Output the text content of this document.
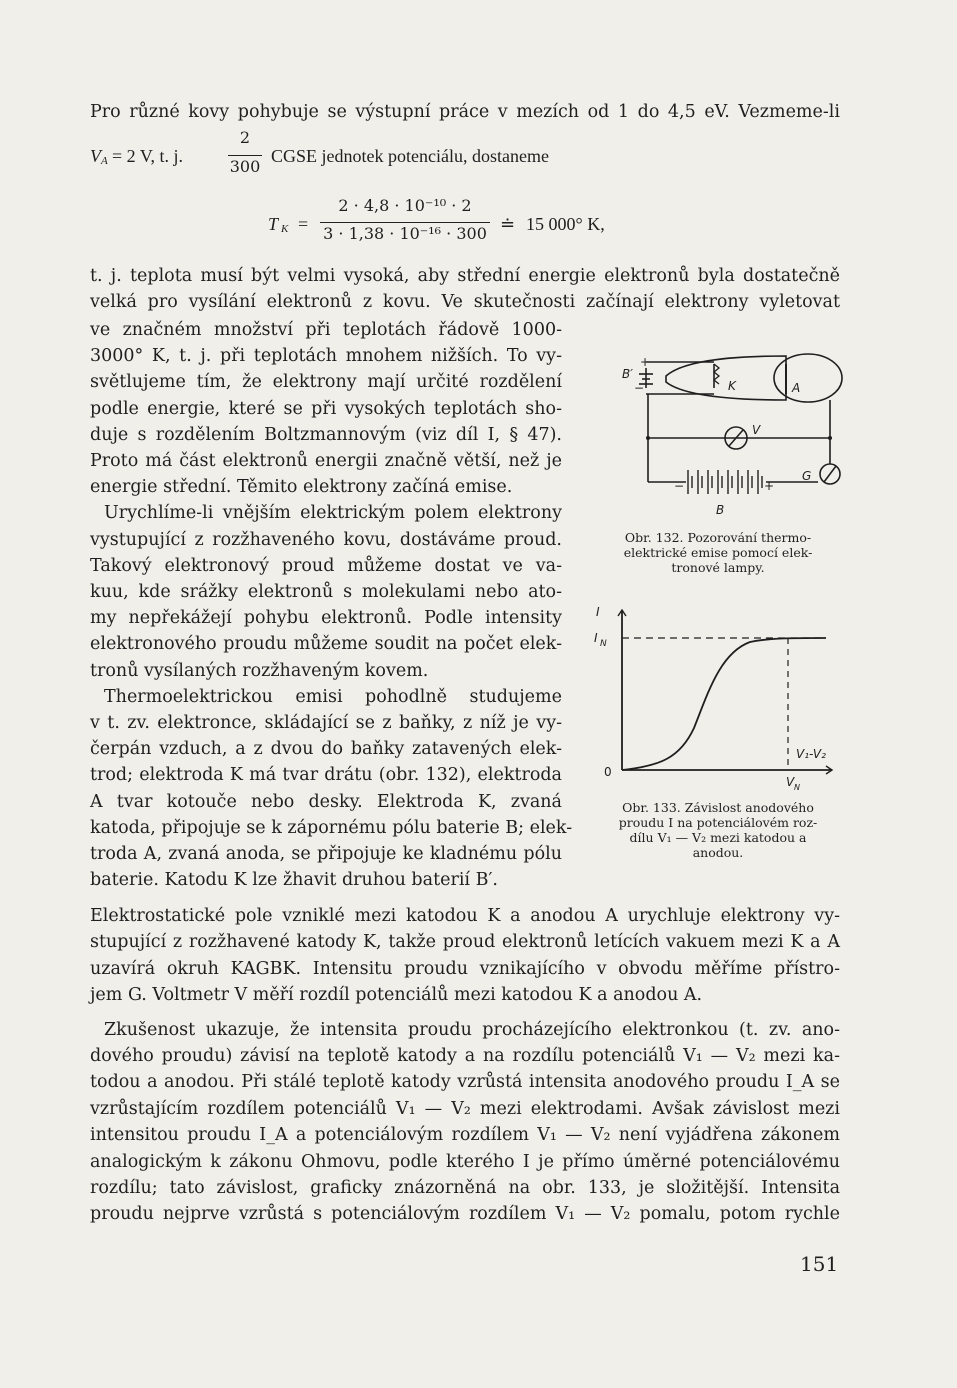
Pro různé kovy pohybuje se výstupní práce v mezích od 1 do 4,5 eV. Vezmeme-li
V A = 2 V, t. j.
2
300
CGSE jednotek potenciálu, dostaneme
T K =
2 · 4,8 · 10⁻¹⁰ · 2
3 · 1,38 · 10⁻¹⁶ · 300 ≐ 15 000° K,
t. j. teplota musí být velmi vysoká, aby střední energie elektronů byla dostatečně
velká pro vysílání elektronů z kovu. Ve skutečnosti začínají elektrony vyletovat
ve značném množství při teplotách řádově 1000-
3000° K, t. j. při teplotách mnohem nižších. To vy-
světlujeme tím, že elektrony mají určité rozdělení
podle energie, které se při vysokých teplotách sho-
duje s rozdělením Boltzmannovým (viz díl I, § 47).
Proto má část elektronů energii značně větší, než je
energie střední. Těmito elektrony začíná emise.
Urychlíme-li vnějším elektrickým polem elektrony
vystupující z rozžhaveného kovu, dostáváme proud.
Takový elektronový proud můžeme dostat ve va-
kuu, kde srážky elektronů s molekulami nebo ato-
my nepřekážejí pohybu elektronů. Podle intensity
elektronového proudu můžeme soudit na počet elek-
tronů vysílaných rozžhaveným kovem.
Thermoelektrickou emisi pohodlně studujeme
v t. zv. elektronce, skládající se z baňky, z níž je vy-
čerpán vzduch, a z dvou do baňky zatavených elek-
trod; elektroda K má tvar drátu (obr. 132), elektroda
A tvar kotouče nebo desky. Elektroda K, zvaná
katoda, připojuje se k zápornému pólu baterie B; elek-
troda A, zvaná anoda, se připojuje ke kladnému pólu
baterie. Katodu K lze žhavit druhou baterií B′.
Elektrostatické pole vzniklé mezi katodou K a anodou A urychluje elektrony vy-
stupující z rozžhavené katody K, takže proud elektronů letících vakuem mezi K a A
uzavírá okruh KAGBK. Intensitu proudu vznikajícího v obvodu měříme přístro-
jem G. Voltmetr V měří rozdíl potenciálů mezi katodou K a anodou A.
Zkušenost ukazuje, že intensita proudu procházejícího elektronkou (t. zv. ano-
dového proudu) závisí na teplotě katody a na rozdílu potenciálů V₁ — V₂ mezi ka-
todou a anodou. Při stálé teplotě katody vzrůstá intensita anodového proudu I_A se
vzrůstajícím rozdílem potenciálů V₁ — V₂ mezi elektrodami. Avšak závislost mezi
intensitou proudu I_A a potenciálovým rozdílem V₁ — V₂ není vyjádřena zákonem
analogickým k zákonu Ohmovu, podle kterého I je přímo úměrné potenciálovému
rozdílu; tato závislost, graficky znázorněná na obr. 133, je složitější. Intensita
proudu nejprve vzrůstá s potenciálovým rozdílem V₁ — V₂ pomalu, potom rychle
B′
+
−	K	A
V
G
B
−	+
Obr. 132. Pozorování thermo-
elektrické emise pomocí elek-
tronové lampy.
I
I N
0
V₁-V₂
V N
Obr. 133. Závislost anodového
proudu I na potenciálovém roz-
dílu V₁ — V₂ mezi katodou a
anodou.
151
